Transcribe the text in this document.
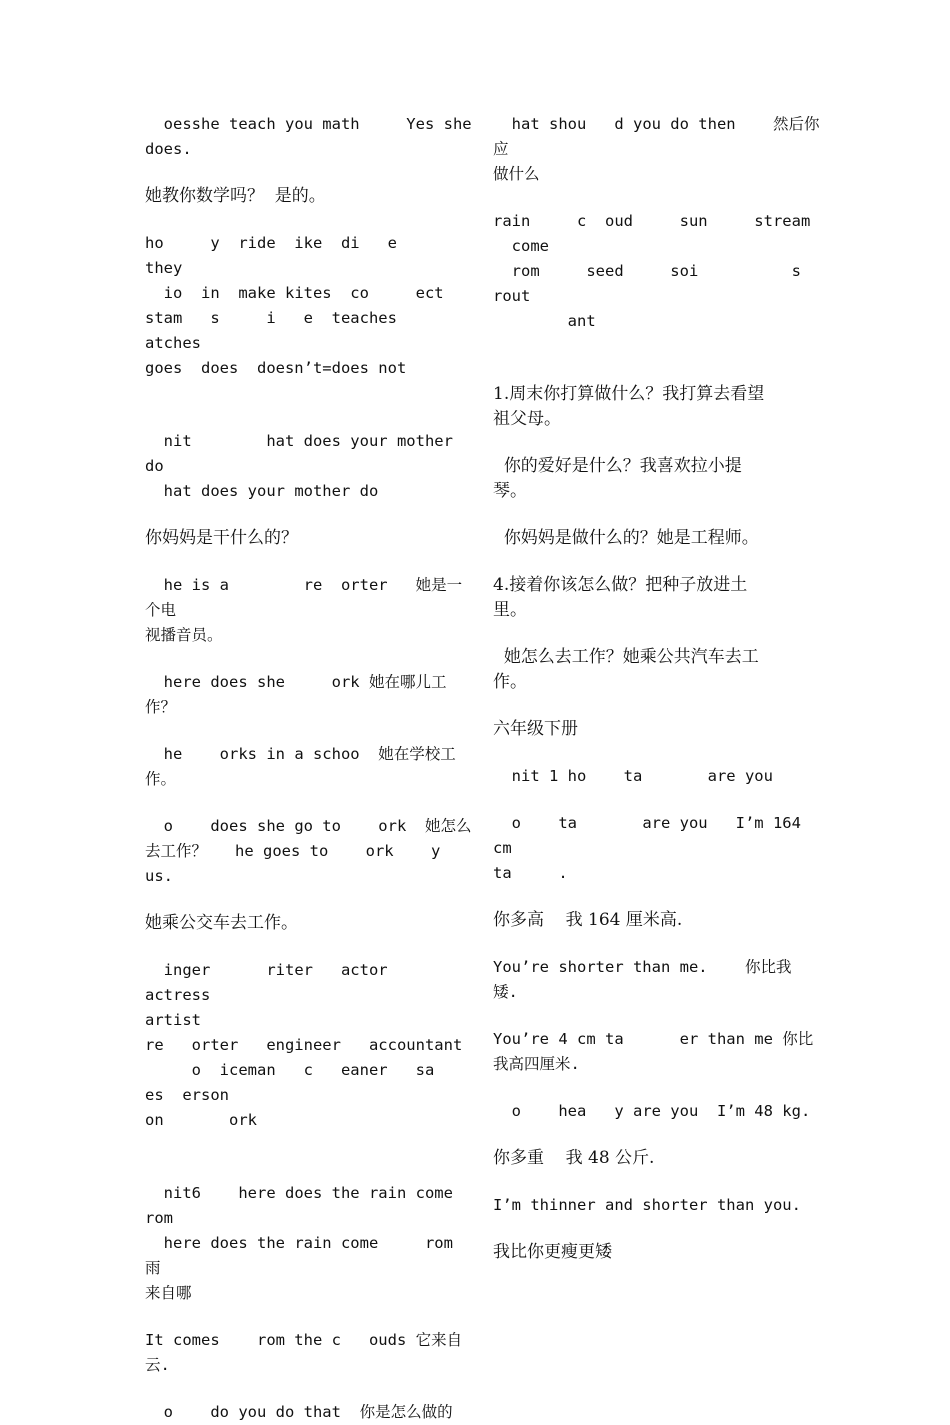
oesshe teach you math     Yes she
does.

她教你数学吗？  是的。

ho     y  ride  ike  di   e     they
io  in  make kites  co     ect
stam   s     i   e  teaches     atches
goes  does  doesn’t=does not

nit        hat does your mother do
hat does your mother do

你妈妈是干什么的？

he is a        re  orter   她是一个电
视播音员。

here does she     ork 她在哪儿工
作？

he    orks in a schoo  她在学校工
作。

o    does she go to    ork  她怎么
去工作？   he goes to    ork    y    us.

她乘公交车去工作。

inger      riter   actor   actress
artist
re   orter   engineer   accountant
o  iceman   c   eaner   sa   es  erson
on       ork

nit6    here does the rain come     rom
here does the rain come     rom  雨
来自哪

It comes    rom the c   ouds 它来自
云.

o    do you do that  你是怎么做的

hat shou   d you do then    然后你应
做什么

rain     c  oud     sun     stream
come
rom     seed     soi          s   rout
ant

1.周末你打算做什么？我打算去看望
祖父母。

你的爱好是什么？我喜欢拉小提
琴。

你妈妈是做什么的？她是工程师。

4.接着你该怎么做？把种子放进土
里。

她怎么去工作？她乘公共汽车去工
作。

六年级下册

nit 1 ho    ta       are you

o    ta       are you   I’m 164 cm
ta     .

你多高    我 164 厘米高.

You’re shorter than me.    你比我
矮.

You’re 4 cm ta      er than me 你比
我高四厘米.

o    hea   y are you  I’m 48 kg.

你多重    我 48 公斤.

I’m thinner and shorter than you.

我比你更瘦更矮
